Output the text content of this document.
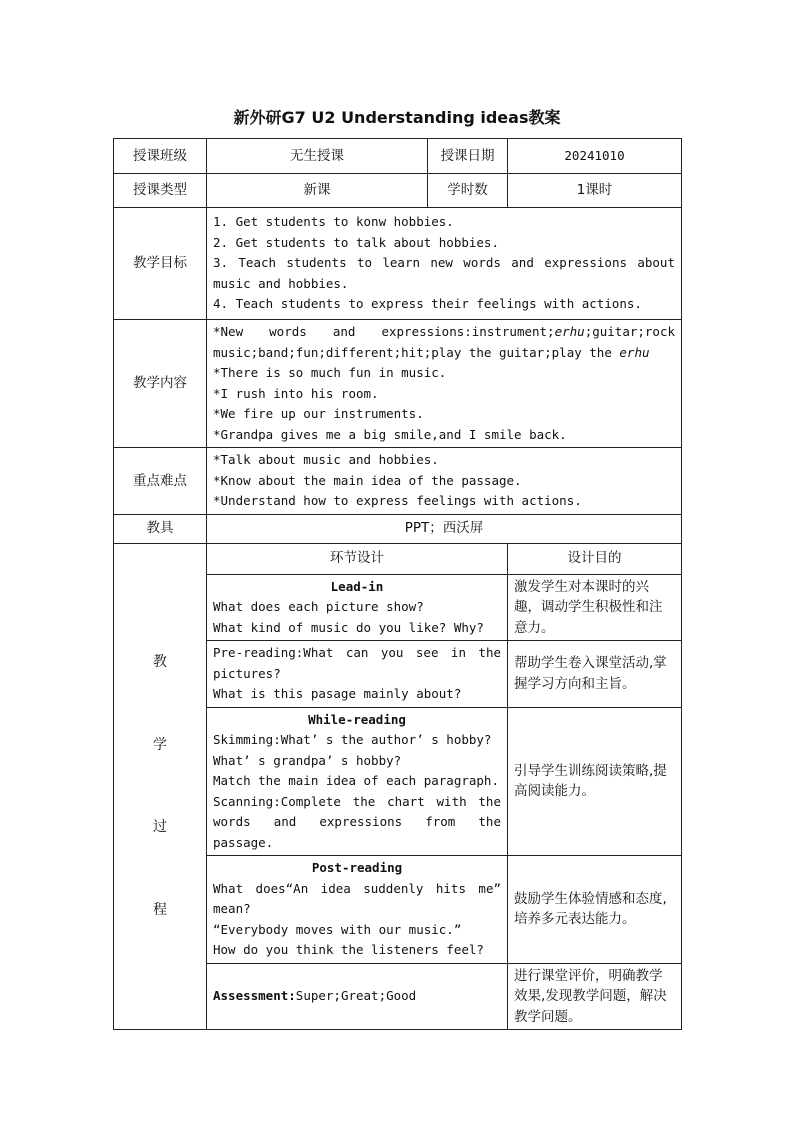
新外研G7 U2 Understanding ideas教案
授课班级	无生授课	授课日期	20241010
授课类型	新课	学时数	1课时
教学目标	1. Get students to konw hobbies.
2. Get students to talk about hobbies.
3. Teach students to learn new words and expressions about music and hobbies.
4. Teach students to express their feelings with actions.		

教学内容	*New words and expressions:instrument;erhu;guitar;rock music;band;fun;different;hit;play the guitar;play the erhu
*There is so much fun in music.
*I rush into his room.
*We fire up our instruments.
*Grandpa gives me a big smile,and I smile back.		

重点难点	*Talk about music and hobbies.
*Know about the main idea of the passage.
*Understand how to express feelings with actions.		

教具	PPT；西沃屏		

教
学
过
程	环节设计		设计目的

	Lead-in
What does each picture show?
What kind of music do you like? Why?		激发学生对本课时的兴趣，调动学生积极性和注意力。

	Pre-reading:What can you see in the pictures?
What is this pasage mainly about?		帮助学生卷入课堂活动,掌握学习方向和主旨。

	While-reading
Skimming:What’ s the author’ s hobby?
What’ s grandpa’ s hobby?
Match the main idea of each paragraph.
Scanning:Complete the chart with the words and expressions from the passage.		引导学生训练阅读策略,提高阅读能力。

	Post-reading
What does“An idea suddenly hits me” mean?
“Everybody moves with our music.”
How do you think the listeners feel?		鼓励学生体验情感和态度,培养多元表达能力。
	Assessment:Super;Great;Good		进行课堂评价，明确教学效果,发现教学问题，解决教学问题。
